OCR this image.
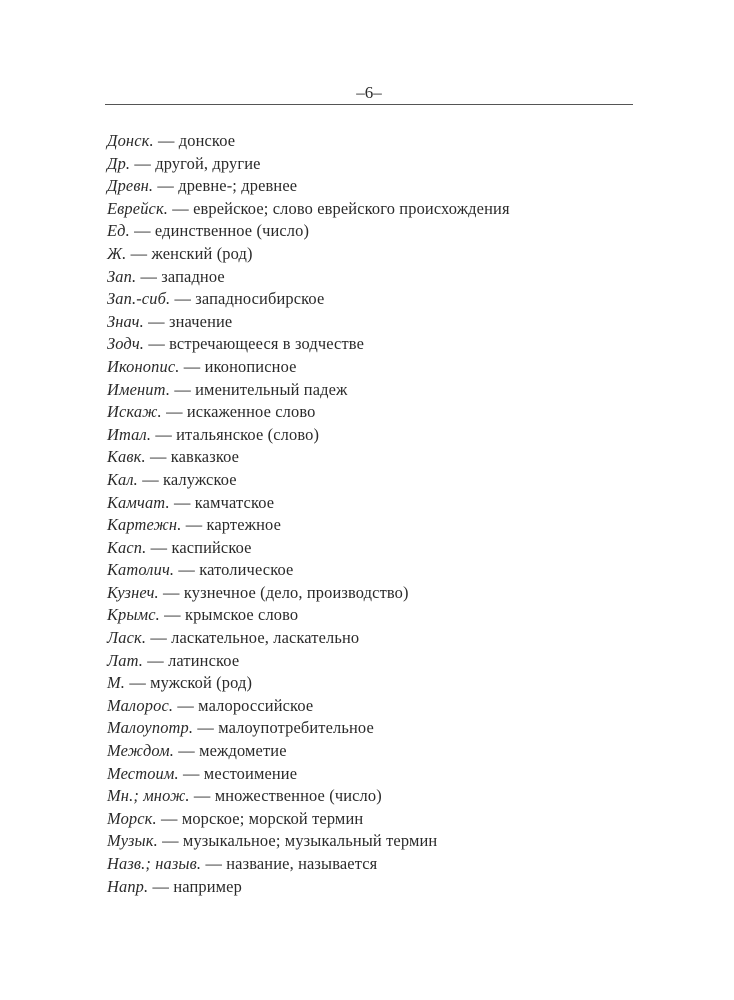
–6–
Донск. — донское
Др. — другой, другие
Древн. — древне-; древнее
Еврейск. — еврейское; слово еврейского происхождения
Ед. — единственное (число)
Ж. — женский (род)
Зап. — западное
Зап.-сиб. — западносибирское
Знач. — значение
Зодч. — встречающееся в зодчестве
Иконопис. — иконописное
Именит. — именительный падеж
Искаж. — искаженное слово
Итал. — итальянское (слово)
Кавк. — кавказкое
Кал. — калужское
Камчат. — камчатское
Картежн. — картежное
Касп. — каспийское
Католич. — католическое
Кузнеч. — кузнечное (дело, производство)
Крымс. — крымское слово
Ласк. — ласкательное, ласкательно
Лат. — латинское
М. — мужской (род)
Малорос. — малороссийское
Малоупотр. — малоупотребительное
Междом. — междометие
Местоим. — местоимение
Мн.; множ. — множественное (число)
Морск. — морское; морской термин
Музык. — музыкальное; музыкальный термин
Назв.; назыв. — название, называется
Напр. — например
